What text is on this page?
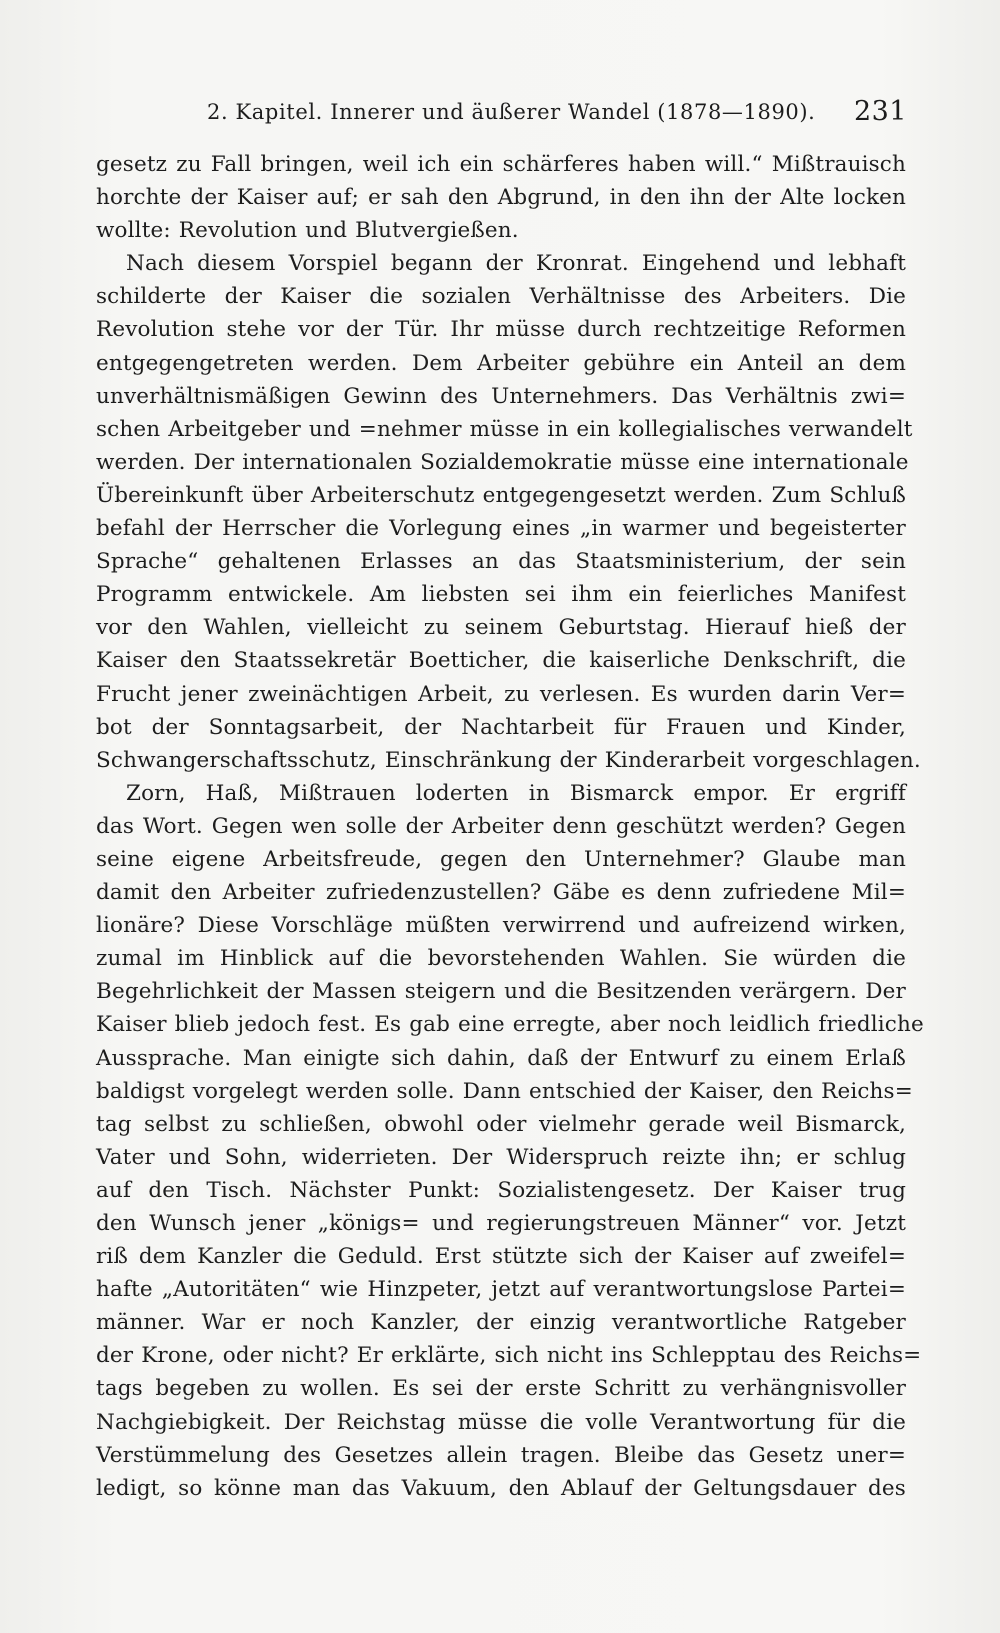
2. Kapitel. Innerer und äußerer Wandel (1878—1890). 231
gesetz zu Fall bringen, weil ich ein schärferes haben will.“ Mißtrauisch
horchte der Kaiser auf; er sah den Abgrund, in den ihn der Alte locken
wollte: Revolution und Blutvergießen.
Nach diesem Vorspiel begann der Kronrat. Eingehend und lebhaft
schilderte der Kaiser die sozialen Verhältnisse des Arbeiters. Die
Revolution stehe vor der Tür. Ihr müsse durch rechtzeitige Reformen
entgegengetreten werden. Dem Arbeiter gebühre ein Anteil an dem
unverhältnismäßigen Gewinn des Unternehmers. Das Verhältnis zwi=
schen Arbeitgeber und =nehmer müsse in ein kollegialisches verwandelt
werden. Der internationalen Sozialdemokratie müsse eine internationale
Übereinkunft über Arbeiterschutz entgegengesetzt werden. Zum Schluß
befahl der Herrscher die Vorlegung eines „in warmer und begeisterter
Sprache“ gehaltenen Erlasses an das Staatsministerium, der sein
Programm entwickele. Am liebsten sei ihm ein feierliches Manifest
vor den Wahlen, vielleicht zu seinem Geburtstag. Hierauf hieß der
Kaiser den Staatssekretär Boetticher, die kaiserliche Denkschrift, die
Frucht jener zweinächtigen Arbeit, zu verlesen. Es wurden darin Ver=
bot der Sonntagsarbeit, der Nachtarbeit für Frauen und Kinder,
Schwangerschaftsschutz, Einschränkung der Kinderarbeit vorgeschlagen.
Zorn, Haß, Mißtrauen loderten in Bismarck empor. Er ergriff
das Wort. Gegen wen solle der Arbeiter denn geschützt werden? Gegen
seine eigene Arbeitsfreude, gegen den Unternehmer? Glaube man
damit den Arbeiter zufriedenzustellen? Gäbe es denn zufriedene Mil=
lionäre? Diese Vorschläge müßten verwirrend und aufreizend wirken,
zumal im Hinblick auf die bevorstehenden Wahlen. Sie würden die
Begehrlichkeit der Massen steigern und die Besitzenden verärgern. Der
Kaiser blieb jedoch fest. Es gab eine erregte, aber noch leidlich friedliche
Aussprache. Man einigte sich dahin, daß der Entwurf zu einem Erlaß
baldigst vorgelegt werden solle. Dann entschied der Kaiser, den Reichs=
tag selbst zu schließen, obwohl oder vielmehr gerade weil Bismarck,
Vater und Sohn, widerrieten. Der Widerspruch reizte ihn; er schlug
auf den Tisch. Nächster Punkt: Sozialistengesetz. Der Kaiser trug
den Wunsch jener „königs= und regierungstreuen Männer“ vor. Jetzt
riß dem Kanzler die Geduld. Erst stützte sich der Kaiser auf zweifel=
hafte „Autoritäten“ wie Hinzpeter, jetzt auf verantwortungslose Partei=
männer. War er noch Kanzler, der einzig verantwortliche Ratgeber
der Krone, oder nicht? Er erklärte, sich nicht ins Schlepptau des Reichs=
tags begeben zu wollen. Es sei der erste Schritt zu verhängnisvoller
Nachgiebigkeit. Der Reichstag müsse die volle Verantwortung für die
Verstümmelung des Gesetzes allein tragen. Bleibe das Gesetz uner=
ledigt, so könne man das Vakuum, den Ablauf der Geltungsdauer des
